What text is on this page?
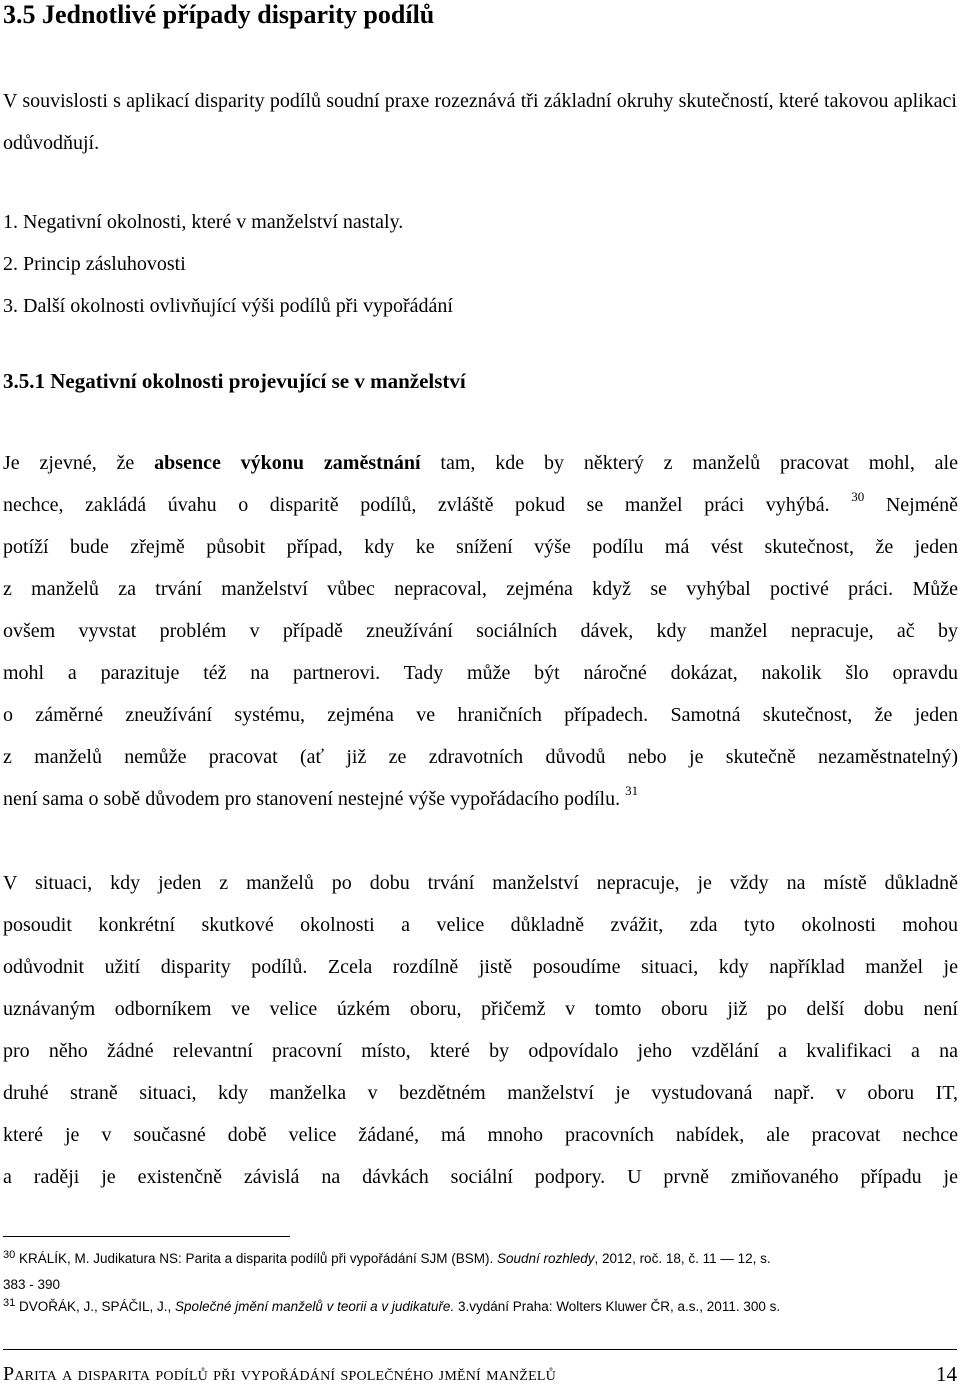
3.5 Jednotlivé případy disparity podílů

V souvislosti s aplikací disparity podílů soudní praxe rozeznává tři základní okruhy skutečností, které takovou aplikaci odůvodňují.

1. Negativní okolnosti, které v manželství nastaly.
2. Princip zásluhovosti
3. Další okolnosti ovlivňující výši podílů při vypořádání
3.5.1 Negativní okolnosti projevující se v manželství
Je zjevné, že absence výkonu zaměstnání tam, kde by některý z manželů pracovat mohl, ale
nechce, zakládá úvahu o disparitě podílů, zvláště pokud se manžel práci vyhýbá. $^{30}$ Nejméně
potíží bude zřejmě působit případ, kdy ke snížení výše podílu má vést skutečnost, že jeden
z manželů za trvání manželství vůbec nepracoval, zejména když se vyhýbal poctivé práci. Může
ovšem vyvstat problém v případě zneužívání sociálních dávek, kdy manžel nepracuje, ač by
mohl a parazituje též na partnerovi. Tady může být náročné dokázat, nakolik šlo opravdu
o záměrné zneužívání systému, zejména ve hraničních případech. Samotná skutečnost, že jeden
z manželů nemůže pracovat (ať již ze zdravotních důvodů nebo je skutečně nezaměstnatelný)
není sama o sobě důvodem pro stanovení nestejné výše vypořádacího podílu. $^{31}$
V situaci, kdy jeden z manželů po dobu trvání manželství nepracuje, je vždy na místě důkladně
posoudit konkrétní skutkové okolnosti a velice důkladně zvážit, zda tyto okolnosti mohou
odůvodnit užití disparity podílů. Zcela rozdílně jistě posoudíme situaci, kdy například manžel je
uznávaným odborníkem ve velice úzkém oboru, přičemž v tomto oboru již po delší dobu není
pro něho žádné relevantní pracovní místo, které by odpovídalo jeho vzdělání a kvalifikaci a na
druhé straně situaci, kdy manželka v bezdětném manželství je vystudovaná např. v oboru IT,
které je v současné době velice žádané, má mnoho pracovních nabídek, ale pracovat nechce
a raději je existenčně závislá na dávkách sociální podpory. U prvně zmiňovaného případu je
$^{30}$ KRÁLÍK, M. Judikatura NS: Parita a disparita podílů při vypořádání SJM (BSM). Soudní rozhledy, 2012, roč. 18, č. 11 — 12, s.
383 - 390
$^{31}$ DVOŘÁK, J., SPÁČIL, J., Společné jmění manželů v teorii a v judikatuře. 3.vydání Praha: Wolters Kluwer ČR, a.s., 2011. 300 s.
Parita a disparita podílů při vypořádání společného jmění manželů	14
